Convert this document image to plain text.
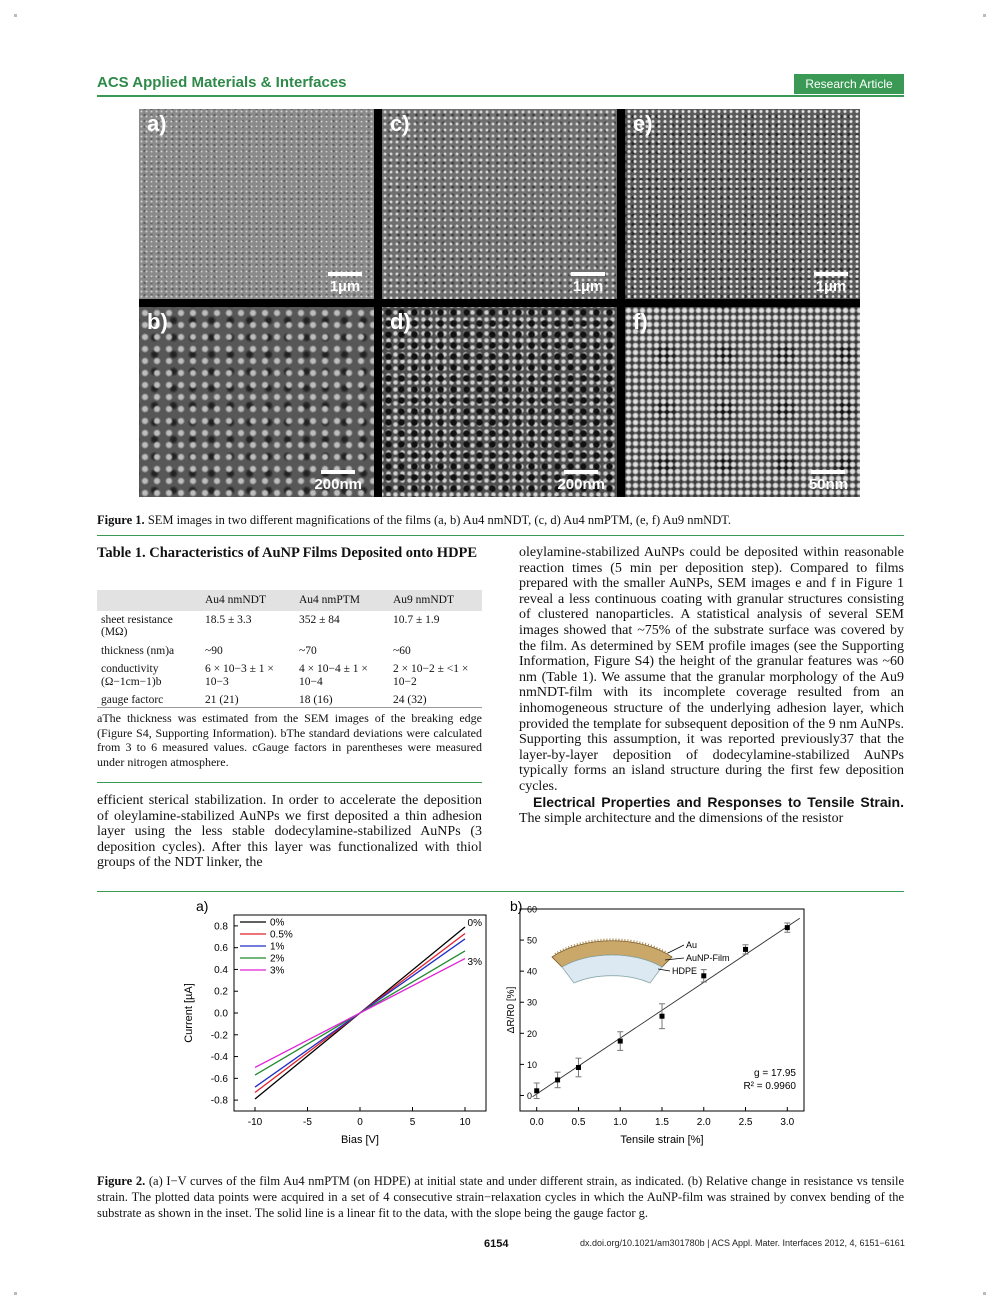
ACS Applied Materials & Interfaces	Research Article
a)
1µm
c)
1µm
e)
1µm
b)
200nm
d)
200nm
f)
50nm
Figure 1. SEM images in two different magnifications of the films (a, b) Au4 nmNDT, (c, d) Au4 nmPTM, (e, f) Au9 nmNDT.
Table 1. Characteristics of AuNP Films Deposited onto HDPE
	Au4 nmNDT	Au4 nmPTM	Au9 nmNDT
sheet resistance (MΩ)	18.5 ± 3.3	352 ± 84	10.7 ± 1.9
thickness (nm)a	~90	~70	~60
conductivity (Ω−1cm−1)b	6 × 10−3 ± 1 × 10−3	4 × 10−4 ± 1 × 10−4	2 × 10−2 ± <1 × 10−2
gauge factorc	21 (21)	18 (16)	24 (32)
aThe thickness was estimated from the SEM images of the breaking edge (Figure S4, Supporting Information). bThe standard deviations were calculated from 3 to 6 measured values. cGauge factors in parentheses were measured under nitrogen atmosphere.

efficient sterical stabilization. In order to accelerate the deposition of oleylamine-stabilized AuNPs we first deposited a thin adhesion layer using the less stable dodecylamine-stabilized AuNPs (3 deposition cycles). After this layer was functionalized with thiol groups of the NDT linker, the

oleylamine-stabilized AuNPs could be deposited within reasonable reaction times (5 min per deposition step). Compared to films prepared with the smaller AuNPs, SEM images e and f in Figure 1 reveal a less continuous coating with granular structures consisting of clustered nanoparticles. A statistical analysis of several SEM images showed that ~75% of the substrate surface was covered by the film. As determined by SEM profile images (see the Supporting Information, Figure S4) the height of the granular features was ~60 nm (Table 1). We assume that the granular morphology of the Au9 nmNDT-film with its incomplete coverage resulted from an inhomogeneous structure of the underlying adhesion layer, which provided the template for subsequent deposition of the 9 nm AuNPs. Supporting this assumption, it was reported previously37 that the layer-by-layer deposition of dodecylamine-stabilized AuNPs typically forms an island structure during the first few deposition cycles.

Electrical Properties and Responses to Tensile Strain. The simple architecture and the dimensions of the resistor

a)
-10	-5	0	5	10
0.8
0.6
0.4
0.2
0.0
-0.2
-0.4
-0.6
-0.8
Bias [V]
Current [µA]
0%
0.5%
1%
2%
3%
0%
3%
b)
0.0	0.5	1.0	1.5	2.0	2.5	3.0
0
10
20
30
40
50
60
Tensile strain [%]
ΔR/R0 [%]
g = 17.95
R² = 0.9960
Au
AuNP-Film
HDPE
Figure 2. (a) I−V curves of the film Au4 nmPTM (on HDPE) at initial state and under different strain, as indicated. (b) Relative change in resistance vs tensile strain. The plotted data points were acquired in a set of 4 consecutive strain−relaxation cycles in which the AuNP-film was strained by convex bending of the substrate as shown in the inset. The solid line is a linear fit to the data, with the slope being the gauge factor g.
6154	dx.doi.org/10.1021/am301780b | ACS Appl. Mater. Interfaces 2012, 4, 6151−6161
